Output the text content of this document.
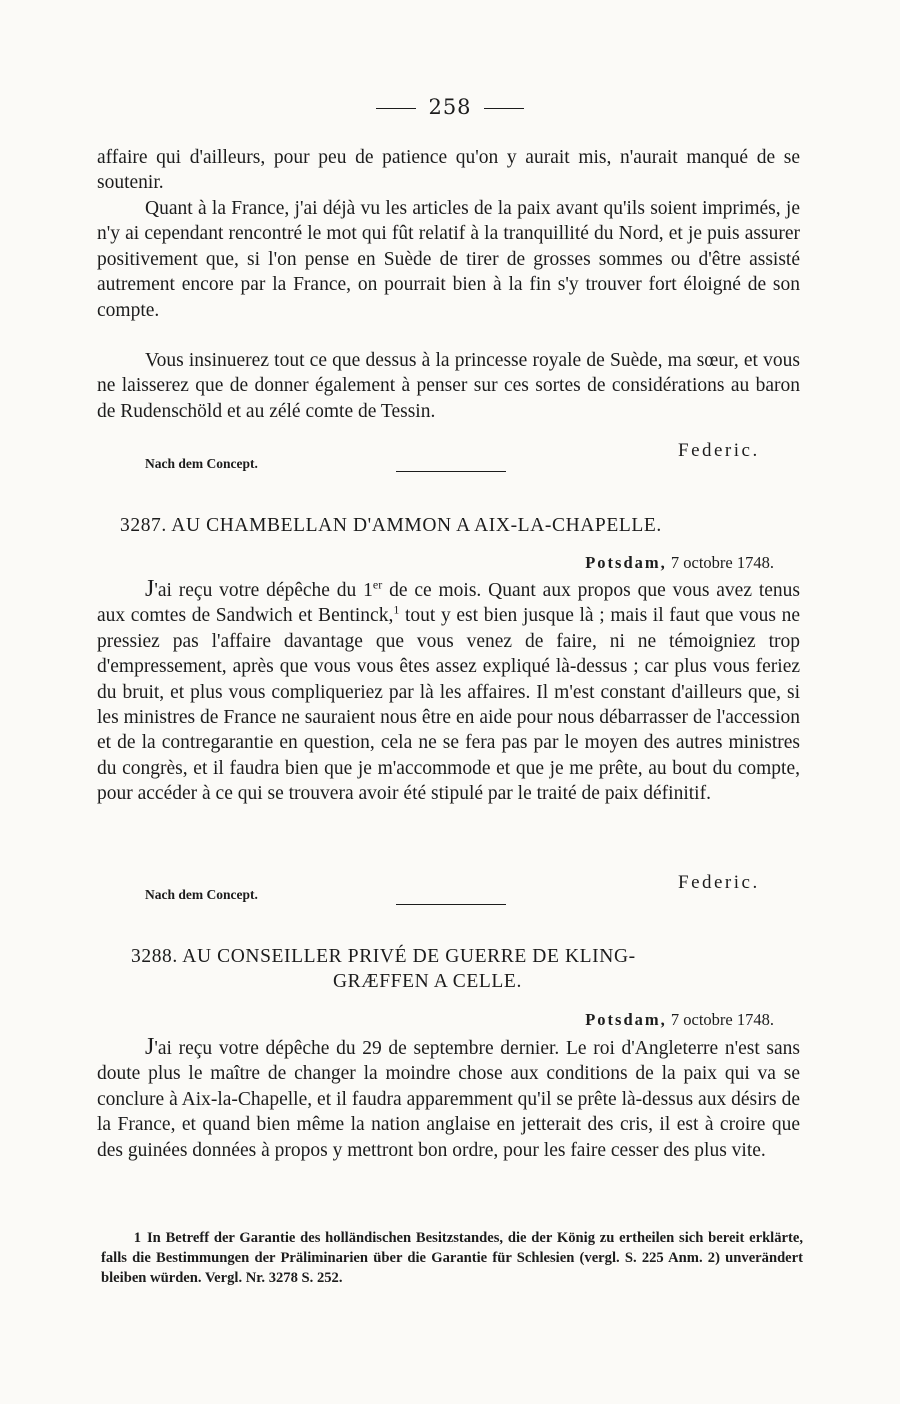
258

affaire qui d'ailleurs, pour peu de patience qu'on y aurait mis, n'aurait manqué de se soutenir.

Quant à la France, j'ai déjà vu les articles de la paix avant qu'ils soient imprimés, je n'y ai cependant rencontré le mot qui fût relatif à la tranquillité du Nord, et je puis assurer positivement que, si l'on pense en Suède de tirer de grosses sommes ou d'être assisté autrement encore par la France, on pourrait bien à la fin s'y trouver fort éloigné de son compte.

Vous insinuerez tout ce que dessus à la princesse royale de Suède, ma sœur, et vous ne laisserez que de donner également à penser sur ces sortes de considérations au baron de Rudenschöld et au zélé comte de Tessin.

Nach dem Concept.
Federic.
3287. AU CHAMBELLAN D'AMMON A AIX-LA-CHAPELLE.
Potsdam, 7 octobre 1748.

J'ai reçu votre dépêche du 1er de ce mois. Quant aux propos que vous avez tenus aux comtes de Sandwich et Bentinck,$^1$ tout y est bien jusque là ; mais il faut que vous ne pressiez pas l'affaire davantage que vous venez de faire, ni ne témoigniez trop d'empressement, après que vous vous êtes assez expliqué là-dessus ; car plus vous feriez du bruit, et plus vous compliqueriez par là les affaires. Il m'est constant d'ailleurs que, si les ministres de France ne sauraient nous être en aide pour nous débarrasser de l'accession et de la contregarantie en question, cela ne se fera pas par le moyen des autres ministres du congrès, et il faudra bien que je m'accommode et que je me prête, au bout du compte, pour accéder à ce qui se trouvera avoir été stipulé par le traité de paix définitif.

Nach dem Concept.
Federic.
3288. AU CONSEILLER PRIVÉ DE GUERRE DE KLING-
GRÆFFEN A CELLE.
Potsdam, 7 octobre 1748.

J'ai reçu votre dépêche du 29 de septembre dernier. Le roi d'Angleterre n'est sans doute plus le maître de changer la moindre chose aux conditions de la paix qui va se conclure à Aix-la-Chapelle, et il faudra apparemment qu'il se prête là-dessus aux désirs de la France, et quand bien même la nation anglaise en jetterait des cris, il est à croire que des guinées données à propos y mettront bon ordre, pour les faire cesser des plus vite.

1 In Betreff der Garantie des holländischen Besitzstandes, die der König zu ertheilen sich bereit erklärte, falls die Bestimmungen der Präliminarien über die Garantie für Schlesien (vergl. S. 225 Anm. 2) unverändert bleiben würden. Vergl. Nr. 3278 S. 252.
